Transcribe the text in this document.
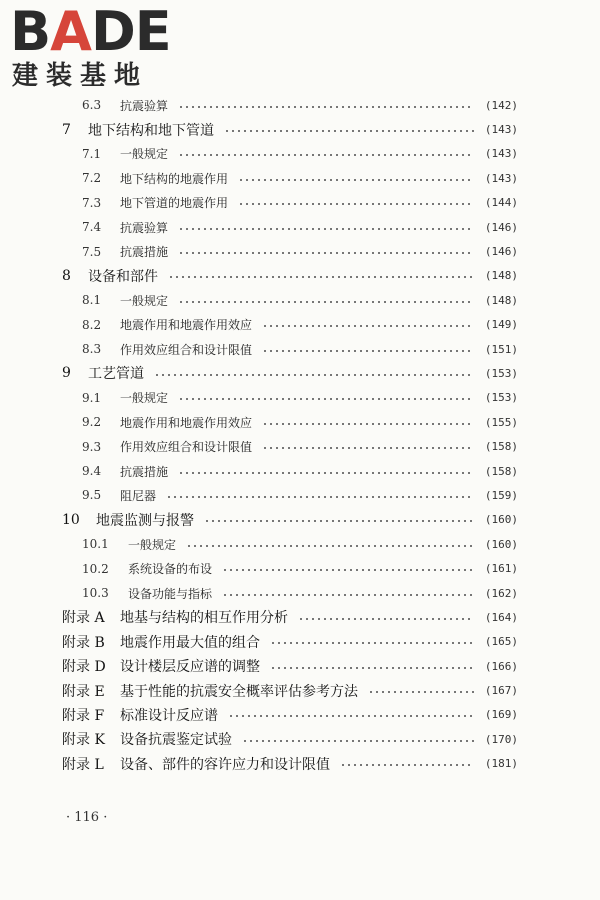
BADE
建装基地
6.3	抗震验算	(142)
7	地下结构和地下管道	(143)
7.1	一般规定	(143)
7.2	地下结构的地震作用	(143)
7.3	地下管道的地震作用	(144)
7.4	抗震验算	(146)
7.5	抗震措施	(146)
8	设备和部件	(148)
8.1	一般规定	(148)
8.2	地震作用和地震作用效应	(149)
8.3	作用效应组合和设计限值	(151)
9	工艺管道	(153)
9.1	一般规定	(153)
9.2	地震作用和地震作用效应	(155)
9.3	作用效应组合和设计限值	(158)
9.4	抗震措施	(158)
9.5	阻尼器	(159)
10	地震监测与报警	(160)
10.1	一般规定	(160)
10.2	系统设备的布设	(161)
10.3	设备功能与指标	(162)
附录 A	地基与结构的相互作用分析	(164)
附录 B	地震作用最大值的组合	(165)
附录 D	设计楼层反应谱的调整	(166)
附录 E	基于性能的抗震安全概率评估参考方法	(167)
附录 F	标准设计反应谱	(169)
附录 K	设备抗震鉴定试验	(170)
附录 L	设备、部件的容许应力和设计限值	(181)
· 116 ·
